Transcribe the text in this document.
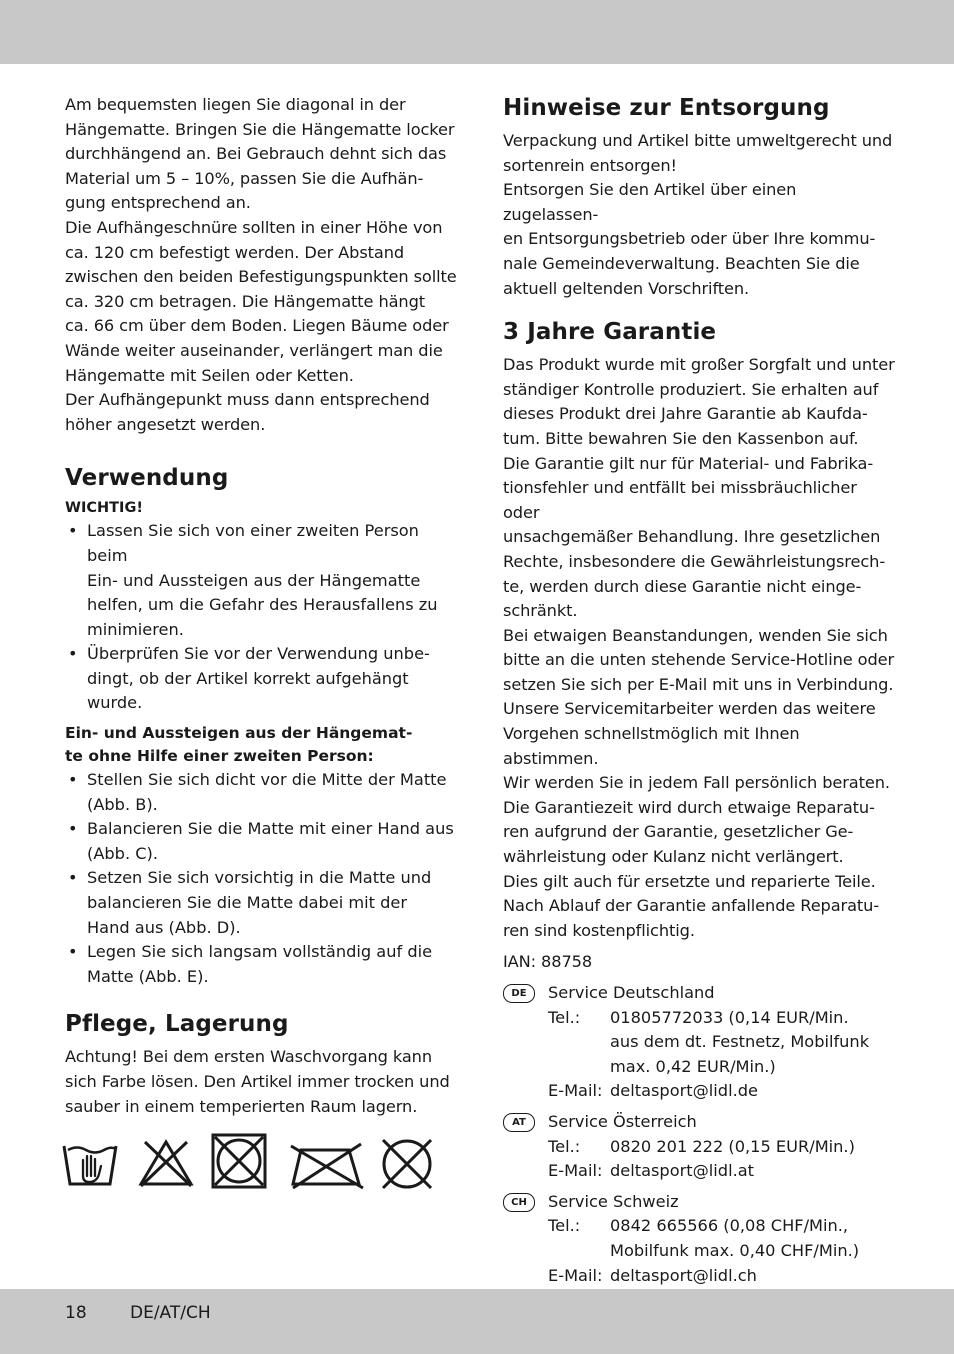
Am bequemsten liegen Sie diagonal in der
Hängematte. Bringen Sie die Hängematte locker
durchhängend an. Bei Gebrauch dehnt sich das
Material um 5 – 10%, passen Sie die Aufhän-
gung entsprechend an.
Die Aufhängeschnüre sollten in einer Höhe von
ca. 120 cm befestigt werden. Der Abstand
zwischen den beiden Befestigungspunkten sollte
ca. 320 cm betragen. Die Hängematte hängt
ca. 66 cm über dem Boden. Liegen Bäume oder
Wände weiter auseinander, verlängert man die
Hängematte mit Seilen oder Ketten.
Der Aufhängepunkt muss dann entsprechend
höher angesetzt werden.

Verwendung
WICHTIG!
• Lassen Sie sich von einer zweiten Person beim
Ein- und Aussteigen aus der Hängematte
helfen, um die Gefahr des Herausfallens zu
minimieren.
• Überprüfen Sie vor der Verwendung unbe-
dingt, ob der Artikel korrekt aufgehängt
wurde.
Ein- und Aussteigen aus der Hängemat-
te ohne Hilfe einer zweiten Person:
• Stellen Sie sich dicht vor die Mitte der Matte
(Abb. B).
• Balancieren Sie die Matte mit einer Hand aus
(Abb. C).
• Setzen Sie sich vorsichtig in die Matte und
balancieren Sie die Matte dabei mit der
Hand aus (Abb. D).
• Legen Sie sich langsam vollständig auf die
Matte (Abb. E).
Pflege, Lagerung

Achtung! Bei dem ersten Waschvorgang kann
sich Farbe lösen. Den Artikel immer trocken und
sauber in einem temperierten Raum lagern.

Hinweise zur Entsorgung

Verpackung und Artikel bitte umweltgerecht und
sortenrein entsorgen!
Entsorgen Sie den Artikel über einen zugelassen-
en Entsorgungsbetrieb oder über Ihre kommu-
nale Gemeindeverwaltung. Beachten Sie die
aktuell geltenden Vorschriften.

3 Jahre Garantie

Das Produkt wurde mit großer Sorgfalt und unter
ständiger Kontrolle produziert. Sie erhalten auf
dieses Produkt drei Jahre Garantie ab Kaufda-
tum. Bitte bewahren Sie den Kassenbon auf.
Die Garantie gilt nur für Material- und Fabrika-
tionsfehler und entfällt bei missbräuchlicher oder
unsachgemäßer Behandlung. Ihre gesetzlichen
Rechte, insbesondere die Gewährleistungsrech-
te, werden durch diese Garantie nicht einge-
schränkt.
Bei etwaigen Beanstandungen, wenden Sie sich
bitte an die unten stehende Service-Hotline oder
setzen Sie sich per E-Mail mit uns in Verbindung.
Unsere Servicemitarbeiter werden das weitere
Vorgehen schnellstmöglich mit Ihnen abstimmen.
Wir werden Sie in jedem Fall persönlich beraten.
Die Garantiezeit wird durch etwaige Reparatu-
ren aufgrund der Garantie, gesetzlicher Ge-
währleistung oder Kulanz nicht verlängert.
Dies gilt auch für ersetzte und reparierte Teile.
Nach Ablauf der Garantie anfallende Reparatu-
ren sind kostenpflichtig.

IAN: 88758

DE	Service Deutschland
Tel.:	01805772033 (0,14 EUR/Min.
aus dem dt. Festnetz, Mobilfunk
max. 0,42 EUR/Min.)
E-Mail: deltasport@lidl.de
AT	Service Österreich
Tel.:	0820 201 222 (0,15 EUR/Min.)
E-Mail: deltasport@lidl.at
CH	Service Schweiz
Tel.:	0842 665566 (0,08 CHF/Min.,
Mobilfunk max. 0,40 CHF/Min.)
E-Mail: deltasport@lidl.ch
18	DE/AT/CH
